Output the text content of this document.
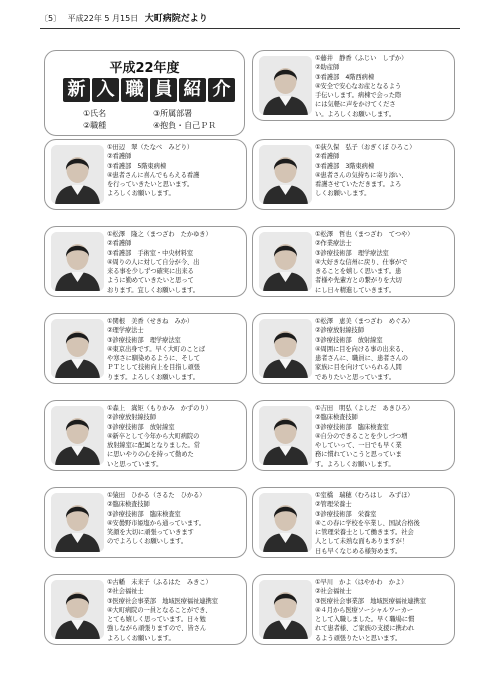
〔5〕 平成22年 5 月15日 大町病院だより
平成22年度
新 入 職 員 紹 介
①氏名	③所属部署
②職種	④抱負・自己ＰＲ
①藤井　静香（ふじい　しずか）
②助産師
③看護部　4階西病棟
④安全で安心なお産となるよう
手伝いします。病棟で会った際
には気軽に声をかけてくださ
い。よろしくお願いします。
①田辺　翠（たなべ　みどり）
②看護師
③看護部　5階東病棟
④患者さんに喜んでもらえる看護
を行っていきたいと思います。
よろしくお願いします。
①荻久保　弘子（おぎくぼ ひろこ）
②看護師
③看護部　3階東病棟
④患者さんの気持ちに寄り添い、
看護させていただきます。よろ
しくお願いします。
①松澤　隆之（まつざわ　たかゆき）
②看護師
③看護部　手術室・中央材料室
④周りの人に対して自分が今、出
来る事を少しずつ確実に出来る
ように勤めていきたいと思って
おります。宜しくお願いします。
①松澤　哲也（まつざわ　てつや）
②作業療法士
③診療技術部　理学療法室
④大好きな信州に戻り、仕事がで
きることを嬉しく思います。患
者様や先輩方との繋がりを大切
にし日々精進していきます。
①関根　美香（せきね　みか）
②理学療法士
③診療技術部　理学療法室
④東京出身です。早く大町のことば
や寒さに馴染めるように、そして
ＰＴとして技術向上を目指し頑張
ります。よろしくお願いします。
①松澤　恵美（まつざわ　めぐみ）
②診療放射線技師
③診療技術部　放射線室
④周囲に目を向ける事の出来る、
患者さんに、職員に、患者さんの
家族に目を向けていられる人間
でありたいと思っています。
①森上　嵩矩（もりかみ　かずのり）
②診療放射線技師
③診療技術部　放射線室
④新卒として今年から大町病院の
放射線室に配属となりました。常
に思いやりの心を持って勤めた
いと思っています。
①吉田　明弘（よしだ　あきひろ）
②臨床検査技師
③診療技術部　臨床検査室
④自分のできることを少しづつ増
やしていって、一日でも早く業
務に慣れていこうと思っていま
す。よろしくお願いします。
①猿田　ひかる（さるた　ひかる）
②臨床検査技師
③診療技術部　臨床検査室
④安曇野市姫塩から通っています。
笑顔を大切に頑張っていきます
のでよろしくお願いします。
①室橋　瑞穂（むろはし　みずほ）
②管理栄養士
③診療技術部　栄養室
④この春に学校を卒業し、国試合格後
に管理栄養士として働きます。社会
人として未熟な面もありますが！
日も早くなじめる様努めます。
①古幡　未来子（ふるはた　みきこ）
②社会福祉士
③医療社会事業部　地域医療福祉連携室
④大町病院の一員となることができ、
とても嬉しく思っています。日々勉
強しながら頑張りますので、皆さん
よろしくお願いします。
①早川　かよ（はやかわ　かよ）
②社会福祉士
③医療社会事業部　地域医療福祉連携室
④４月から医療ソーシャルワーカー
として入職しました。早く職場に慣
れて患者様、ご家族の支援に携われ
るよう頑張りたいと思います。
